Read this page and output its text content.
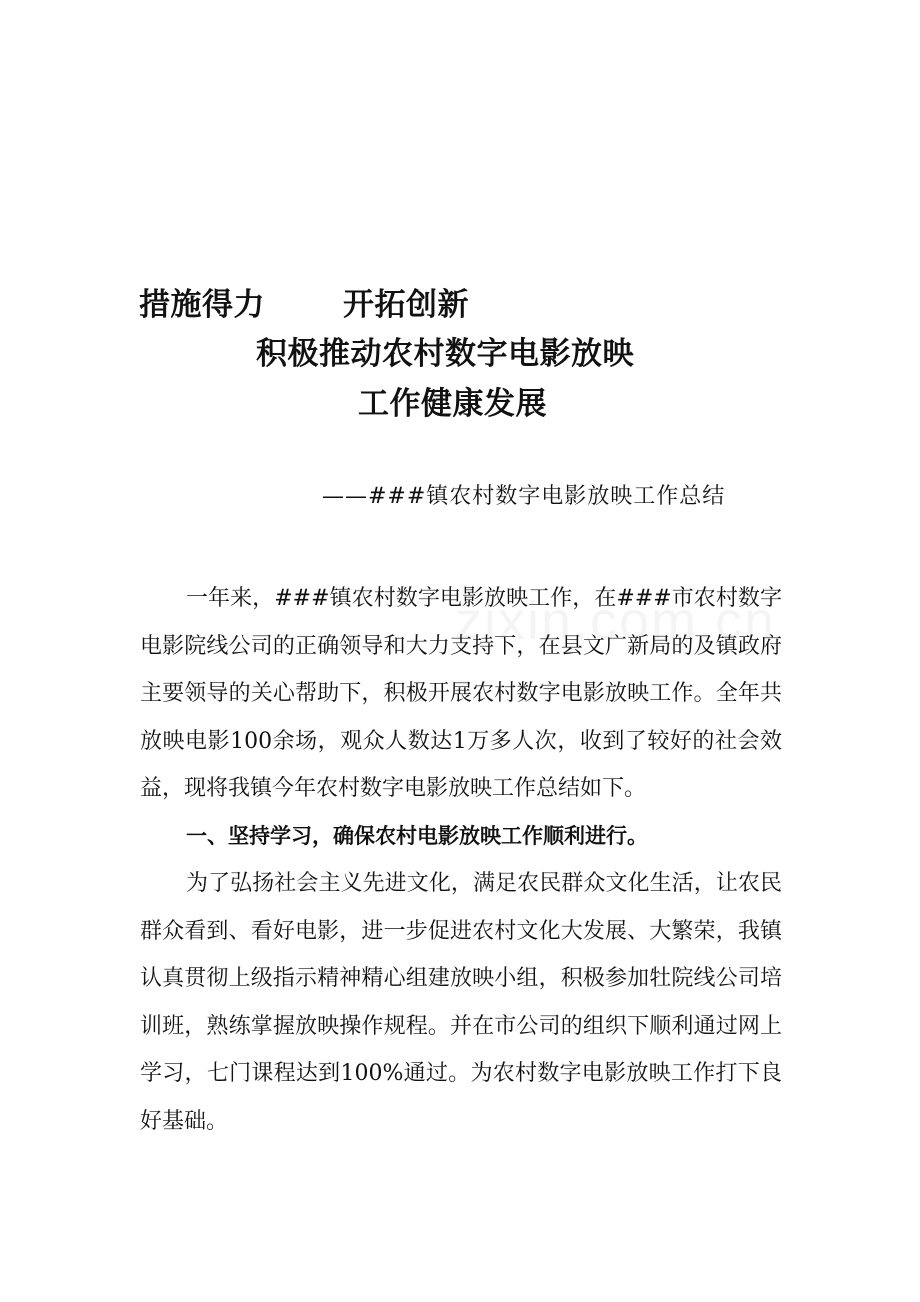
措施得力	开拓创新
积极推动农村数字电影放映
工作健康发展
——###镇农村数字电影放映工作总结

一年来，###镇农村数字电影放映工作，在###市农村数字电影院线公司的正确领导和大力支持下，在县文广新局的及镇政府主要领导的关心帮助下，积极开展农村数字电影放映工作。全年共放映电影100余场，观众人数达1万多人次，收到了较好的社会效益，现将我镇今年农村数字电影放映工作总结如下。

一、坚持学习，确保农村电影放映工作顺利进行。

为了弘扬社会主义先进文化，满足农民群众文化生活，让农民群众看到、看好电影，进一步促进农村文化大发展、大繁荣，我镇认真贯彻上级指示精神精心组建放映小组，积极参加牡院线公司培训班，熟练掌握放映操作规程。并在市公司的组织下顺利通过网上学习，七门课程达到100%通过。为农村数字电影放映工作打下良好基础。
